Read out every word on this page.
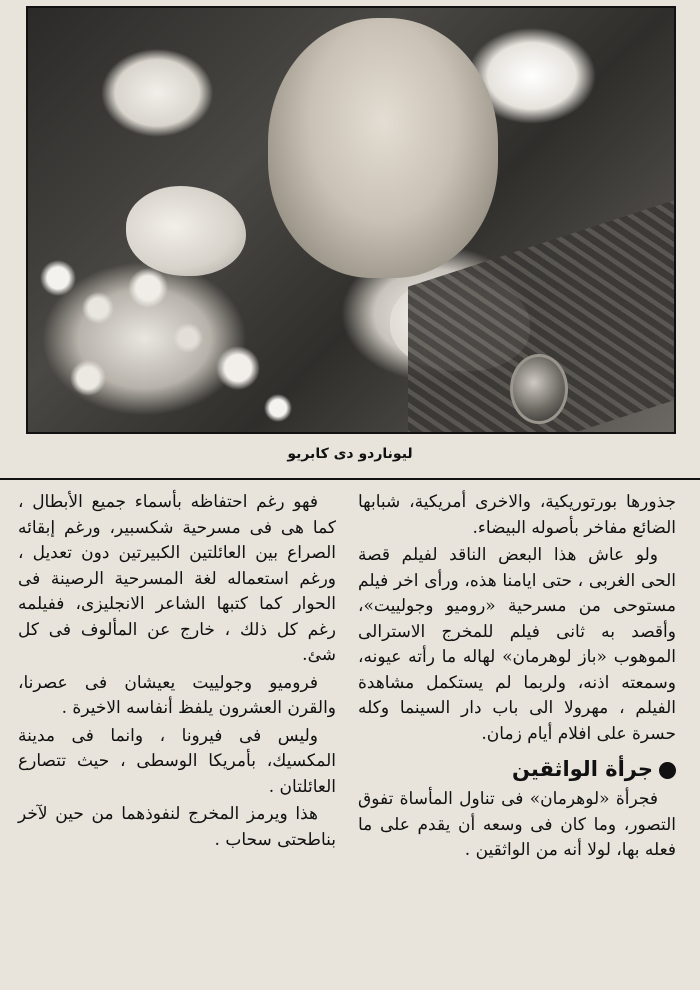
ليوناردو دى كابريو

جذورها بورتوريكية، والاخرى أمريكية، شبابها الضائع مفاخر بأصوله البيضاء.

ولو عاش هذا البعض الناقد لفيلم قصة الحى الغربى ، حتى ايامنا هذه، ورأى اخر فيلم مستوحى من مسرحية «روميو وجولييت»، وأقصد به ثانى فيلم للمخرج الاسترالى الموهوب «باز لوهرمان» لهاله ما رأته عيونه، وسمعته اذنه، ولربما لم يستكمل مشاهدة الفيلم ، مهرولا الى باب دار السينما وكله حسرة على افلام أيام زمان.

جرأة الواثقين

فجرأة «لوهرمان» فى تناول المأساة تفوق التصور، وما كان فى وسعه أن يقدم على ما فعله بها، لولا أنه من الواثقين .

فهو رغم احتفاظه بأسماء جميع الأبطال ، كما هى فى مسرحية شكسبير، ورغم إبقائه الصراع بين العائلتين الكبيرتين دون تعديل ، ورغم استعماله لغة المسرحية الرصينة فى الحوار كما كتبها الشاعر الانجليزى، ففيلمه رغم كل ذلك ، خارج عن المألوف فى كل شئ.

فروميو وجولييت يعيشان فى عصرنا، والقرن العشرون يلفظ أنفاسه الاخيرة .

وليس فى فيرونا ، وانما فى مدينة المكسيك، بأمريكا الوسطى ، حيث تتصارع العائلتان .

هذا ويرمز المخرج لنفوذهما من حين لآخر بناطحتى سحاب .
